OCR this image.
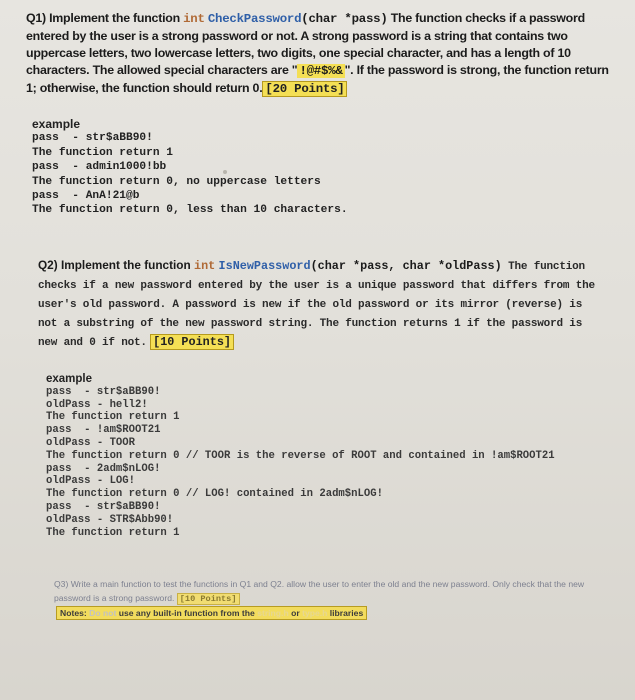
Q1) Implement the function int CheckPassword(char *pass) The function checks if a password entered by the user is a strong password or not. A strong password is a string that contains two uppercase letters, two lowercase letters, two digits, one special character, and has a length of 10 characters. The allowed special characters are " !@#$%& ". If the password is strong, the function return 1; otherwise, the function should return 0. [20 Points]
example
pass  - str$aBB90!
The function return 1
pass  - admin1000!bb
The function return 0, no uppercase letters
pass  - AnA!21@b
The function return 0, less than 10 characters.
Q2) Implement the function int IsNewPassword(char *pass, char *oldPass) The function checks if a new password entered by the user is a unique password that differs from the user's old password. A password is new if the old password or its mirror (reverse) is not a substring of the new password string. The function returns 1 if the password is new and 0 if not. [10 Points]
example
pass  - str$aBB90!
oldPass - hell2!
The function return 1
pass  - !am$ROOT21
oldPass - TOOR
The function return 0 // TOOR is the reverse of ROOT and contained in !am$ROOT21
pass  - 2adm$nLOG!
oldPass - LOG!
The function return 0 // LOG! contained in 2adm$nLOG!
pass  - str$aBB90!
oldPass - STR$Abb90!
The function return 1
Q3) Write a main function to test the functions in Q1 and Q2. allow the user to enter the old and the new password. Only check that the new password is a strong password. [10 Points]
Notes: Do not use any built-in function from the string.h or type.h libraries
